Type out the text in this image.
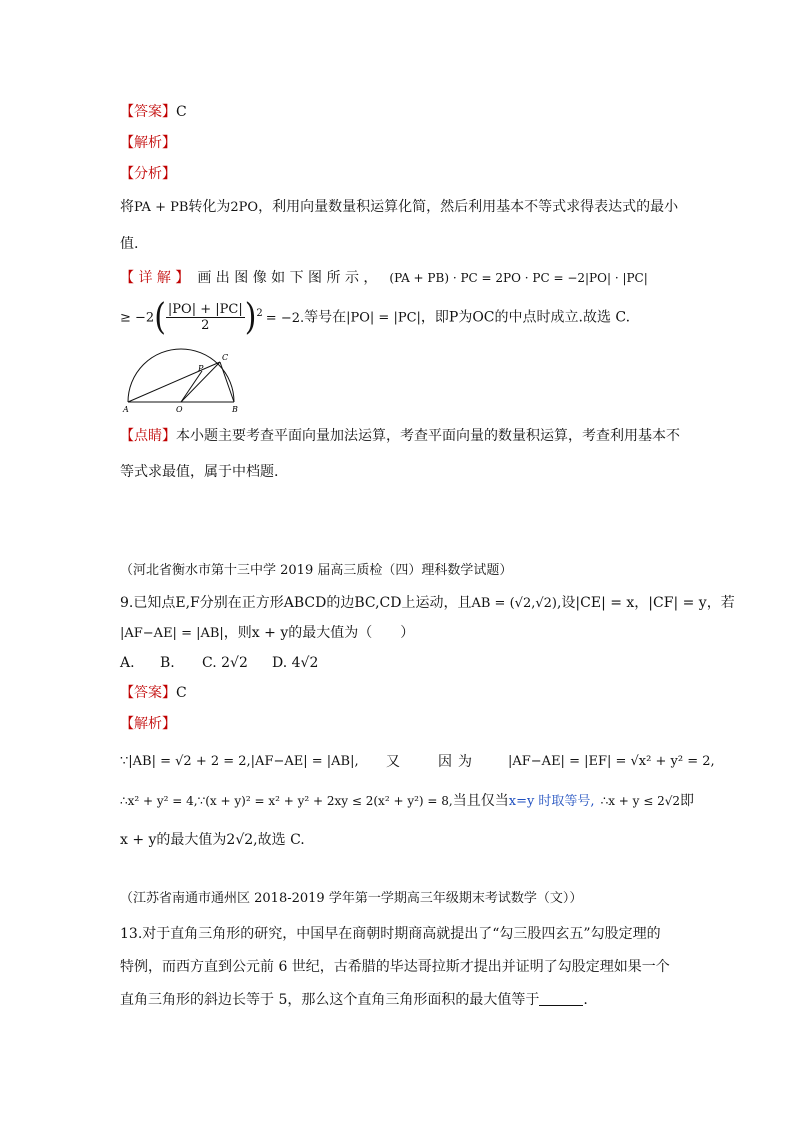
【答案】C
【解析】
【分析】
将PA + PB转化为2PO，利用向量数量积运算化简，然后利用基本不等式求得表达式的最小
值.
【 详 解 】 画 出 图 像 如 下 图 所 示 ， (PA + PB) · PC = 2PO · PC = −2|PO| · |PC|
≥ $-2( \frac{|PO| + |PC|}{2} )^2 = -2$.等号在|PO| = |PC|，即P为OC的中点时成立.故选 C.
A	O	B
P
C
【点睛】本小题主要考查平面向量加法运算，考查平面向量的数量积运算，考查利用基本不
等式求最值，属于中档题.
（河北省衡水市第十三中学 2019 届高三质检（四）理科数学试题）
9.已知点E,F分别在正方形ABCD的边BC,CD上运动，且AB = (√2,√2),设|CE| = x，|CF| = y，若
|AF−AE| = |AB|，则x + y的最大值为（　　）
A. B. C. 2√2 D. 4√2
【答案】C
【解析】
∵|AB| = √2 + 2 = 2,|AF−AE| = |AB|, 又	因 为	|AF−AE| = |EF| = √x² + y² = 2,
∴x² + y² = 4,∵(x + y)² = x² + y² + 2xy ≤ 2(x² + y²) = 8,当且仅当x=y 时取等号, ∴x + y ≤ 2√2即
x + y的最大值为2√2,故选 C.
（江苏省南通市通州区 2018-2019 学年第一学期高三年级期末考试数学（文））
13.对于直角三角形的研究，中国早在商朝时期商高就提出了“勾三股四玄五”勾股定理的
特例，而西方直到公元前 6 世纪，古希腊的毕达哥拉斯才提出并证明了勾股定理如果一个
直角三角形的斜边长等于 5，那么这个直角三角形面积的最大值等于	.
